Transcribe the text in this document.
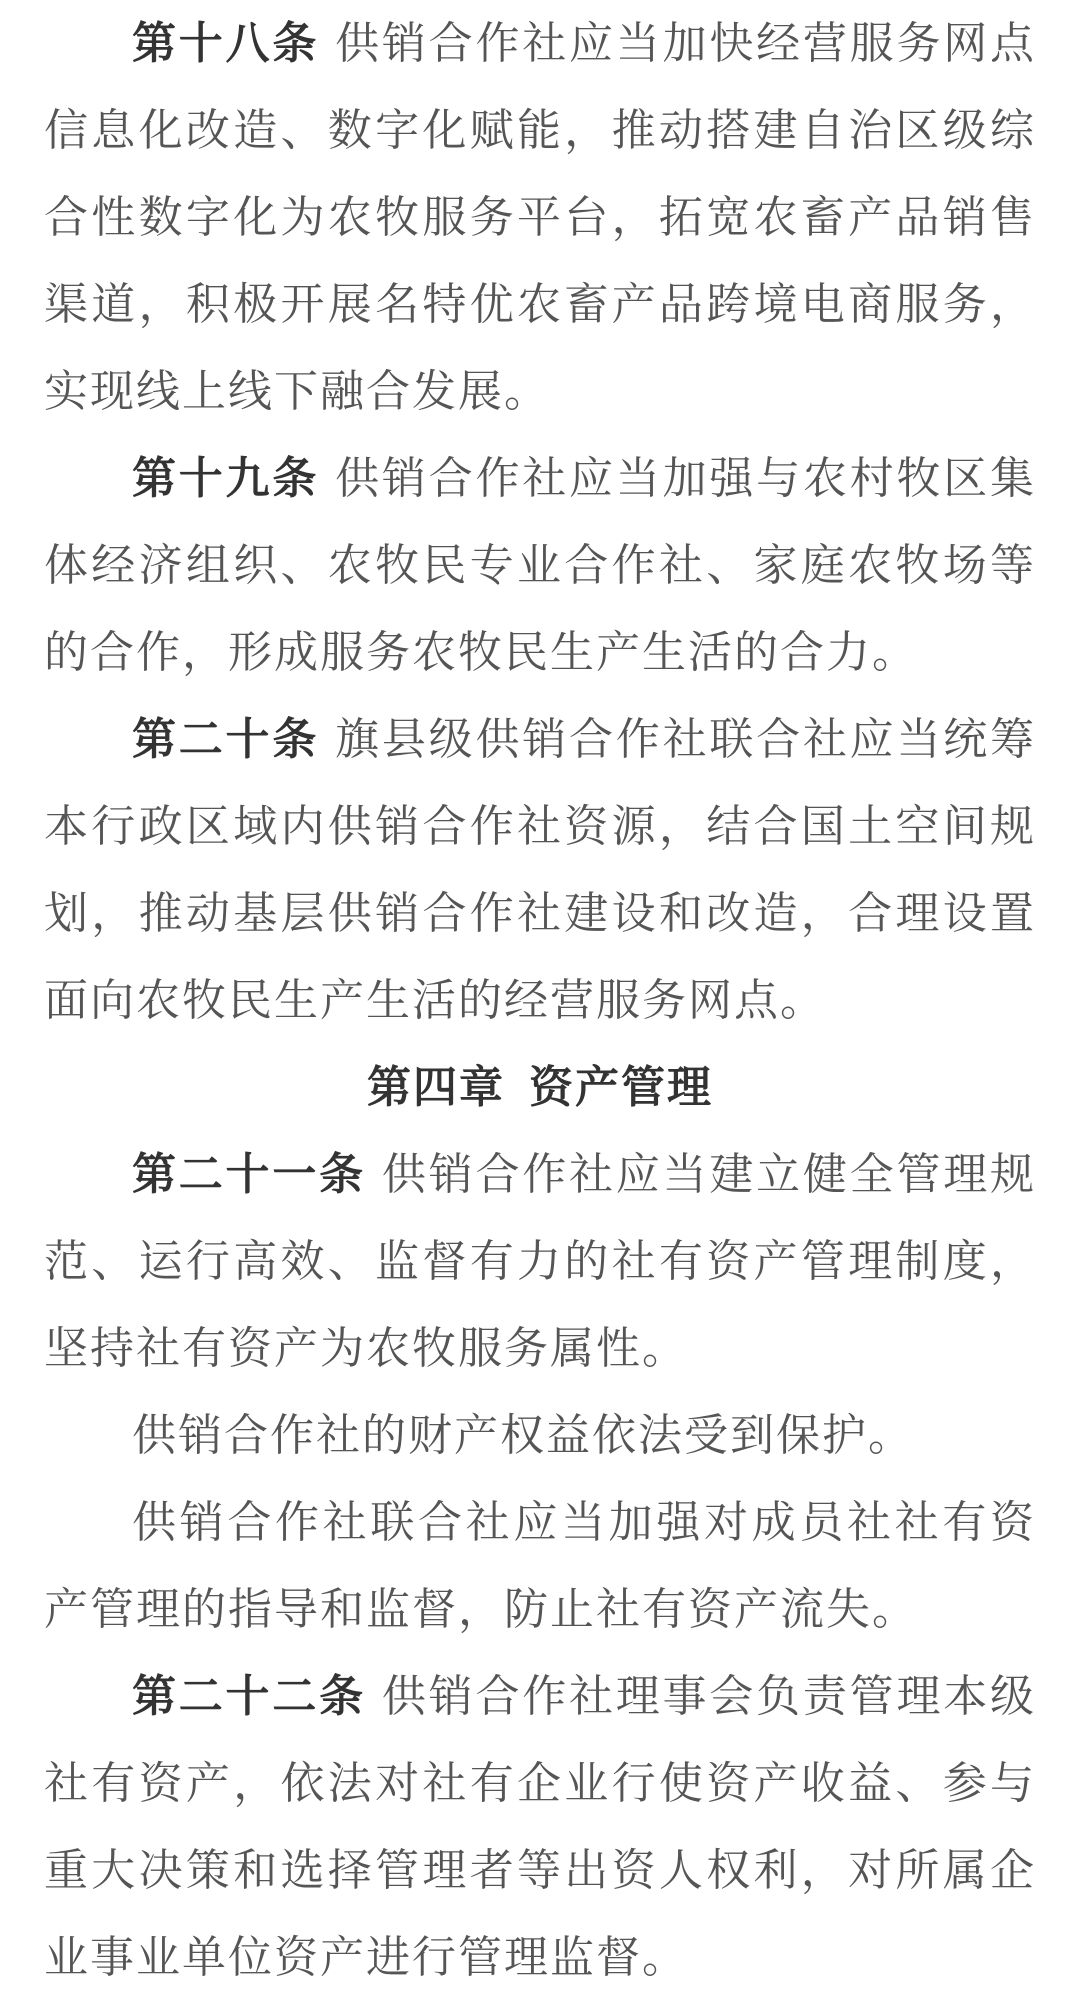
第十八条 供销合作社应当加快经营服务网点信息化改造、数字化赋能，推动搭建自治区级综合性数字化为农牧服务平台，拓宽农畜产品销售渠道，积极开展名特优农畜产品跨境电商服务，实现线上线下融合发展。

第十九条 供销合作社应当加强与农村牧区集体经济组织、农牧民专业合作社、家庭农牧场等的合作，形成服务农牧民生产生活的合力。

第二十条 旗县级供销合作社联合社应当统筹本行政区域内供销合作社资源，结合国土空间规划，推动基层供销合作社建设和改造，合理设置面向农牧民生产生活的经营服务网点。

第四章 资产管理

第二十一条 供销合作社应当建立健全管理规范、运行高效、监督有力的社有资产管理制度，坚持社有资产为农牧服务属性。

供销合作社的财产权益依法受到保护。

供销合作社联合社应当加强对成员社社有资产管理的指导和监督，防止社有资产流失。

第二十二条 供销合作社理事会负责管理本级社有资产，依法对社有企业行使资产收益、参与重大决策和选择管理者等出资人权利，对所属企业事业单位资产进行管理监督。
